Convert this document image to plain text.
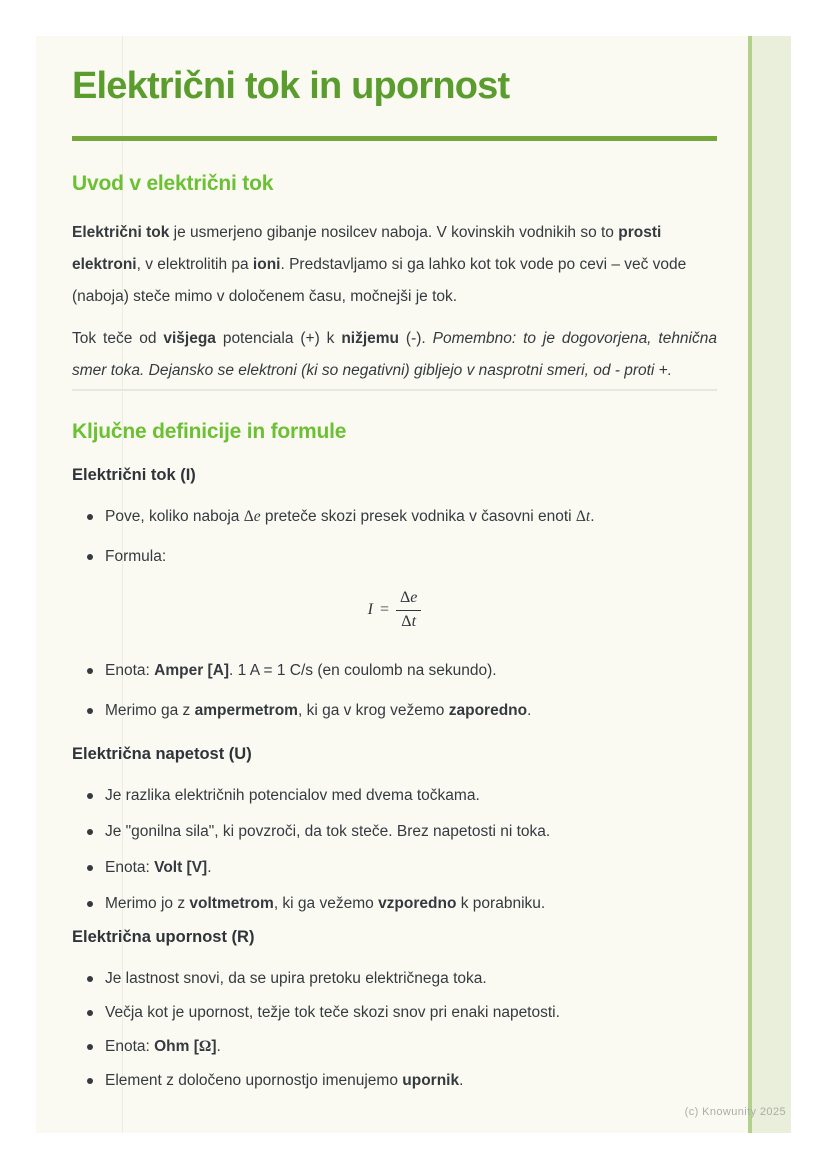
Električni tok in upornost
Uvod v električni tok

Električni tok je usmerjeno gibanje nosilcev naboja. V kovinskih vodnikih so to prosti elektroni, v elektrolitih pa ioni. Predstavljamo si ga lahko kot tok vode po cevi – več vode (naboja) steče mimo v določenem času, močnejši je tok.

Tok teče od višjega potenciala (+) k nižjemu (-). Pomembno: to je dogovorjena, tehnična smer toka. Dejansko se elektroni (ki so negativni) gibljejo v nasprotni smeri, od - proti +.

Ključne definicije in formule
Električni tok (I)
Pove, koliko naboja Δe preteče skozi presek vodnika v časovni enoti Δt.
Formula:
$I = \frac{\Delta e}{\Delta t}$
Enota: Amper [A]. 1 A = 1 C/s (en coulomb na sekundo).
Merimo ga z ampermetrom, ki ga v krog vežemo zaporedno.
Električna napetost (U)
Je razlika električnih potencialov med dvema točkama.
Je "gonilna sila", ki povzroči, da tok steče. Brez napetosti ni toka.
Enota: Volt [V].
Merimo jo z voltmetrom, ki ga vežemo vzporedno k porabniku.
Električna upornost (R)
Je lastnost snovi, da se upira pretoku električnega toka.
Večja kot je upornost, težje tok teče skozi snov pri enaki napetosti.
Enota: Ohm [Ω].
Element z določeno upornostjo imenujemo upornik.
(c) Knowunity 2025
